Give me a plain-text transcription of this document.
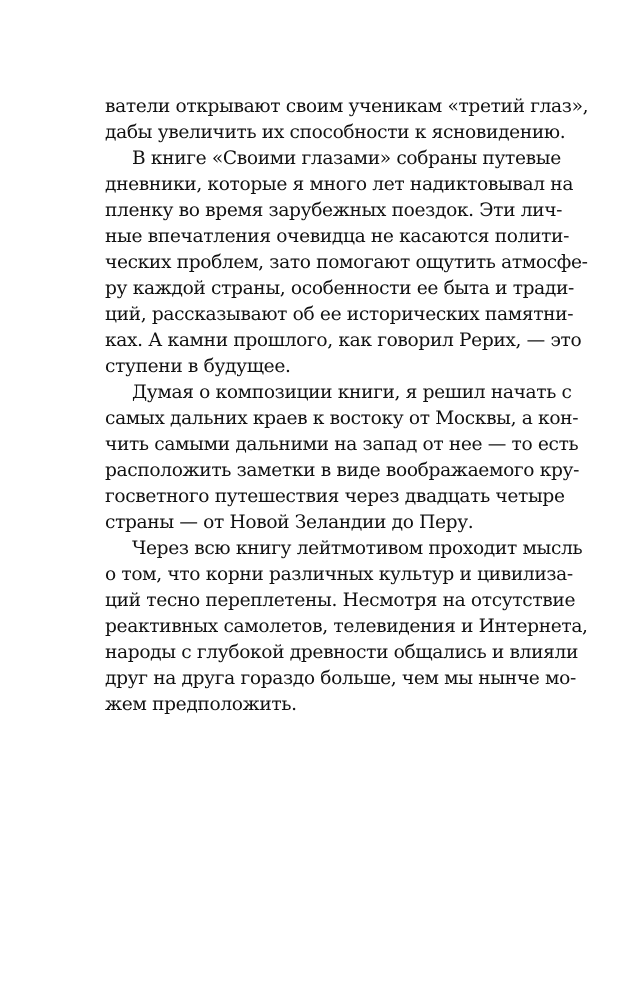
ватели открывают своим ученикам «третий глаз»,
дабы увеличить их способности к ясновидению.
В книге «Своими глазами» собраны путевые
дневники, которые я много лет надиктовывал на
пленку во время зарубежных поездок. Эти лич-
ные впечатления очевидца не касаются полити-
ческих проблем, зато помогают ощутить атмосфе-
ру каждой страны, особенности ее быта и тради-
ций, рассказывают об ее исторических памятни-
ках. А камни прошлого, как говорил Рерих, — это
ступени в будущее.
Думая о композиции книги, я решил начать с
самых дальних краев к востоку от Москвы, а кон-
чить самыми дальними на запад от нее — то есть
расположить заметки в виде воображаемого кру-
госветного путешествия через двадцать четыре
страны — от Новой Зеландии до Перу.
Через всю книгу лейтмотивом проходит мысль
о том, что корни различных культур и цивилиза-
ций тесно переплетены. Несмотря на отсутствие
реактивных самолетов, телевидения и Интернета,
народы с глубокой древности общались и влияли
друг на друга гораздо больше, чем мы нынче мо-
жем предположить.
